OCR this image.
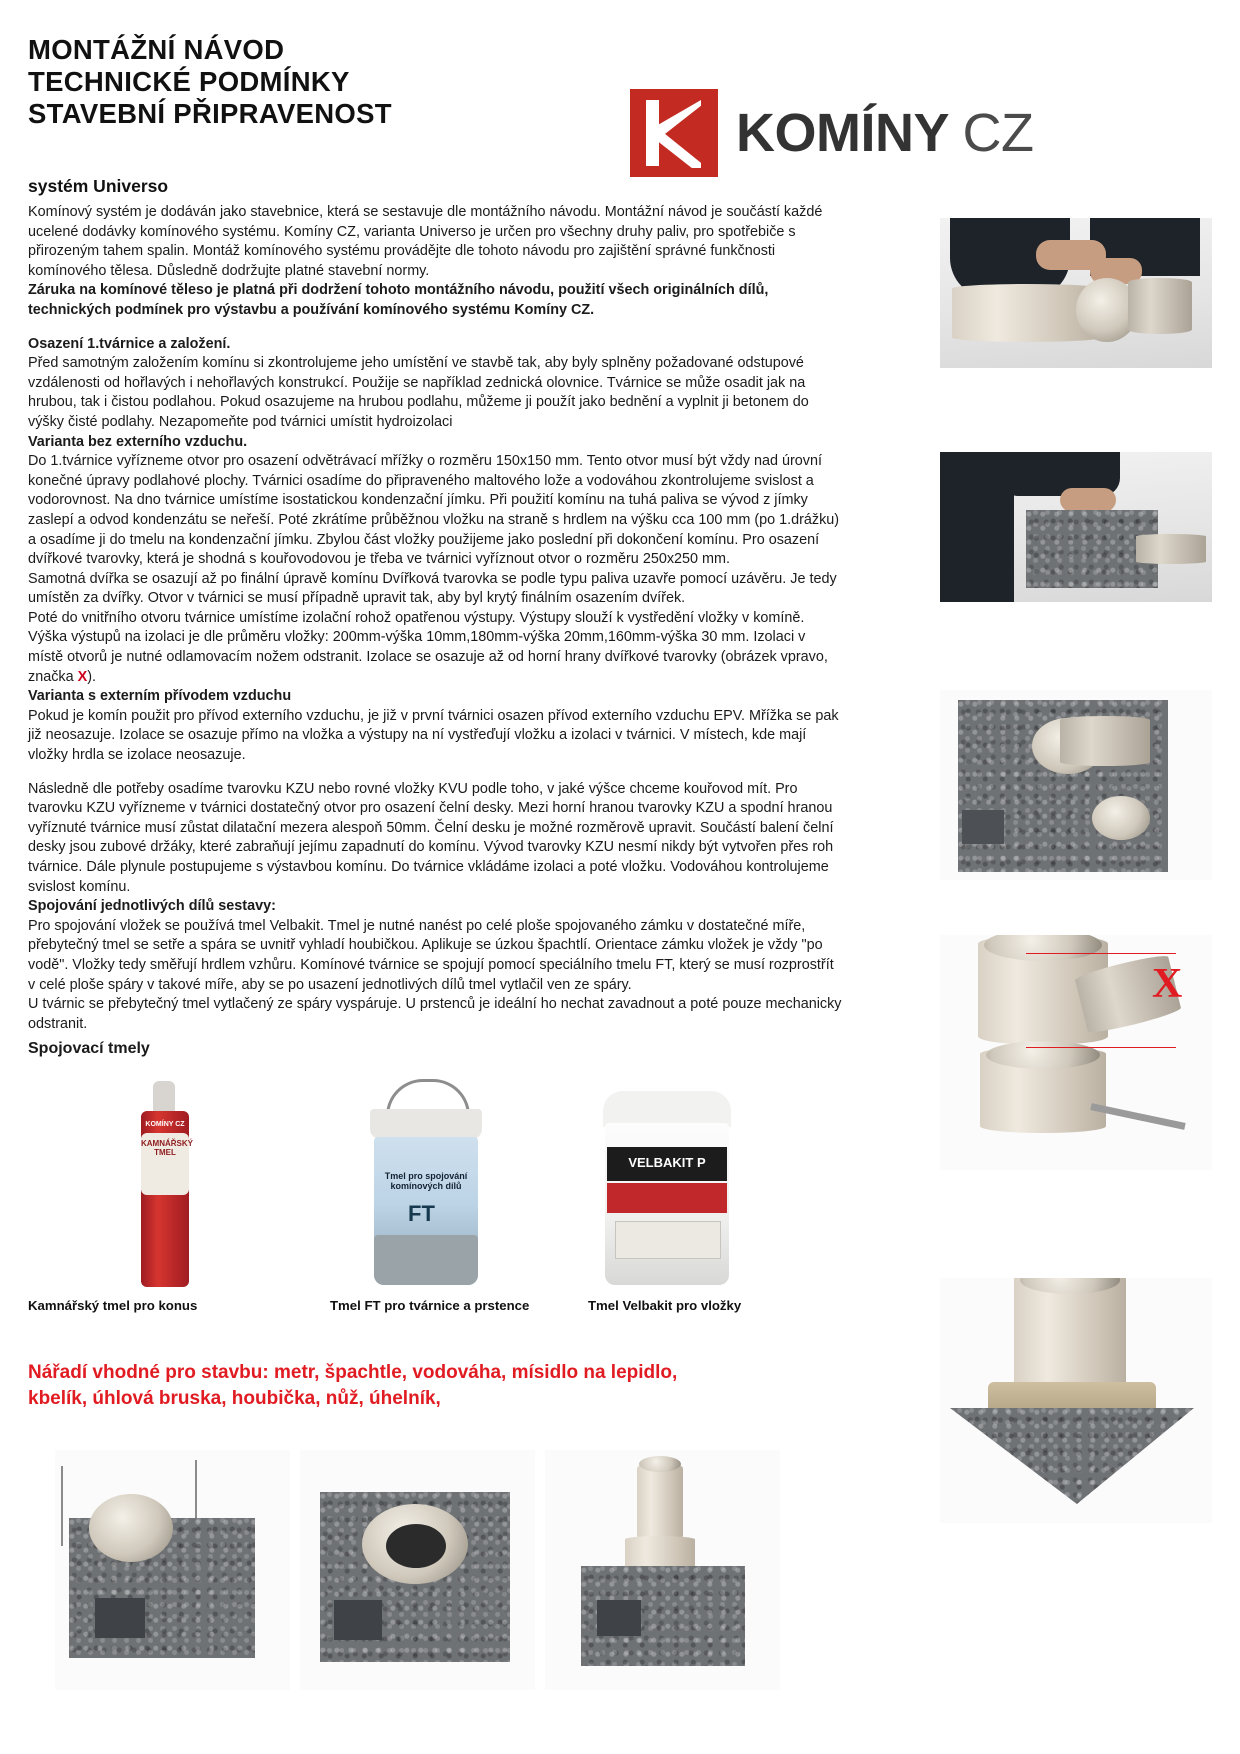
MONTÁŽNÍ NÁVOD
TECHNICKÉ PODMÍNKY
STAVEBNÍ PŘIPRAVENOST	KOMÍNY CZ
systém Universo

Komínový systém je dodáván jako stavebnice, která se sestavuje dle montážního návodu. Montážní návod je součástí každé ucelené dodávky komínového systému. Komíny CZ, varianta Universo je určen pro všechny druhy paliv, pro spotřebiče s přirozeným tahem spalin. Montáž komínového systému provádějte dle tohoto návodu pro zajištění správné funkčnosti komínového tělesa. Důsledně dodržujte platné stavební normy.

Záruka na komínové těleso je platná při dodržení tohoto montážního návodu, použití všech originálních dílů, technických podmínek pro výstavbu a používání komínového systému Komíny CZ.

Osazení 1.tvárnice a založení.

Před samotným založením komínu si zkontrolujeme jeho umístění ve stavbě tak, aby byly splněny požadované odstupové vzdálenosti od hořlavých i nehořlavých konstrukcí. Použije se například zednická olovnice. Tvárnice se může osadit jak na hrubou, tak i čistou podlahou. Pokud osazujeme na hrubou podlahu, můžeme ji použít jako bednění a vyplnit ji betonem do výšky čisté podlahy. Nezapomeňte pod tvárnici umístit hydroizolaci

Varianta bez externího vzduchu.

Do 1.tvárnice vyřízneme otvor pro osazení odvětrávací mřížky o rozměru 150x150 mm. Tento otvor musí být vždy nad úrovní konečné úpravy podlahové plochy. Tvárnici osadíme do připraveného maltového lože a vodováhou zkontrolujeme svislost a vodorovnost. Na dno tvárnice umístíme isostatickou kondenzační jímku. Při použití komínu na tuhá paliva se vývod z jímky zaslepí a odvod kondenzátu se neřeší. Poté zkrátíme průběžnou vložku na straně s hrdlem na výšku cca 100 mm (po 1.drážku) a osadíme ji do tmelu na kondenzační jímku. Zbylou část vložky použijeme jako poslední při dokončení komínu. Pro osazení dvířkové tvarovky, která je shodná s kouřovodovou je třeba ve tvárnici vyříznout otvor o rozměru 250x250 mm.

Samotná dvířka se osazují až po finální úpravě komínu Dvířková tvarovka se podle typu paliva uzavře pomocí uzávěru. Je tedy umístěn za dvířky. Otvor v tvárnici se musí případně upravit tak, aby byl krytý finálním osazením dvířek.

Poté do vnitřního otvoru tvárnice umístíme izolační rohož opatřenou výstupy. Výstupy slouží k vystředění vložky v komíně. Výška výstupů na izolaci je dle průměru vložky: 200mm-výška 10mm,180mm-výška 20mm,160mm-výška 30 mm. Izolaci v místě otvorů je nutné odlamovacím nožem odstranit. Izolace se osazuje až od horní hrany dvířkové tvarovky (obrázek vpravo, značka X).

Varianta s externím přívodem vzduchu

Pokud je komín použit pro přívod externího vzduchu, je již v první tvárnici osazen přívod externího vzduchu EPV. Mřížka se pak již neosazuje. Izolace se osazuje přímo na vložka a výstupy na ní vystřeďují vložku a izolaci v tvárnici. V místech, kde mají vložky hrdla se izolace neosazuje.

Následně dle potřeby osadíme tvarovku KZU nebo rovné vložky KVU podle toho, v jaké výšce chceme kouřovod mít. Pro tvarovku KZU vyřízneme v tvárnici dostatečný otvor pro osazení čelní desky. Mezi horní hranou tvarovky KZU a spodní hranou vyříznuté tvárnice musí zůstat dilatační mezera alespoň 50mm. Čelní desku je možné rozměrově upravit. Součástí balení čelní desky jsou zubové držáky, které zabraňují jejímu zapadnutí do komínu. Vývod tvarovky KZU nesmí nikdy být vytvořen přes roh tvárnice. Dále plynule postupujeme s výstavbou komínu. Do tvárnice vkládáme izolaci a poté vložku. Vodováhou kontrolujeme svislost komínu.

Spojování jednotlivých dílů sestavy:

Pro spojování vložek se používá tmel Velbakit. Tmel je nutné nanést po celé ploše spojovaného zámku v dostatečné míře, přebytečný tmel se setře a spára se uvnitř vyhladí houbičkou. Aplikuje se úzkou špachtlí. Orientace zámku vložek je vždy "po vodě". Vložky tedy směřují hrdlem vzhůru. Komínové tvárnice se spojují pomocí speciálního tmelu FT, který se musí rozprostřít v celé ploše spáry v takové míře, aby se po usazení jednotlivých dílů tmel vytlačil ven ze spáry.

U tvárnic se přebytečný tmel vytlačený ze spáry vyspáruje. U prstenců je ideální ho nechat zavadnout a poté pouze mechanicky odstranit.

Spojovací tmely
KOMÍNY CZ
KAMNÁŘSKÝ TMEL
Tmel pro spojování komínových dílů
FT
VELBAKIT P
Kamnářský tmel pro konus	Tmel FT pro tvárnice a prstence	Tmel Velbakit pro vložky
Nářadí vhodné pro stavbu: metr, špachtle, vodováha, mísidlo na lepidlo,
kbelík, úhlová bruska, houbička, nůž, úhelník,
X
